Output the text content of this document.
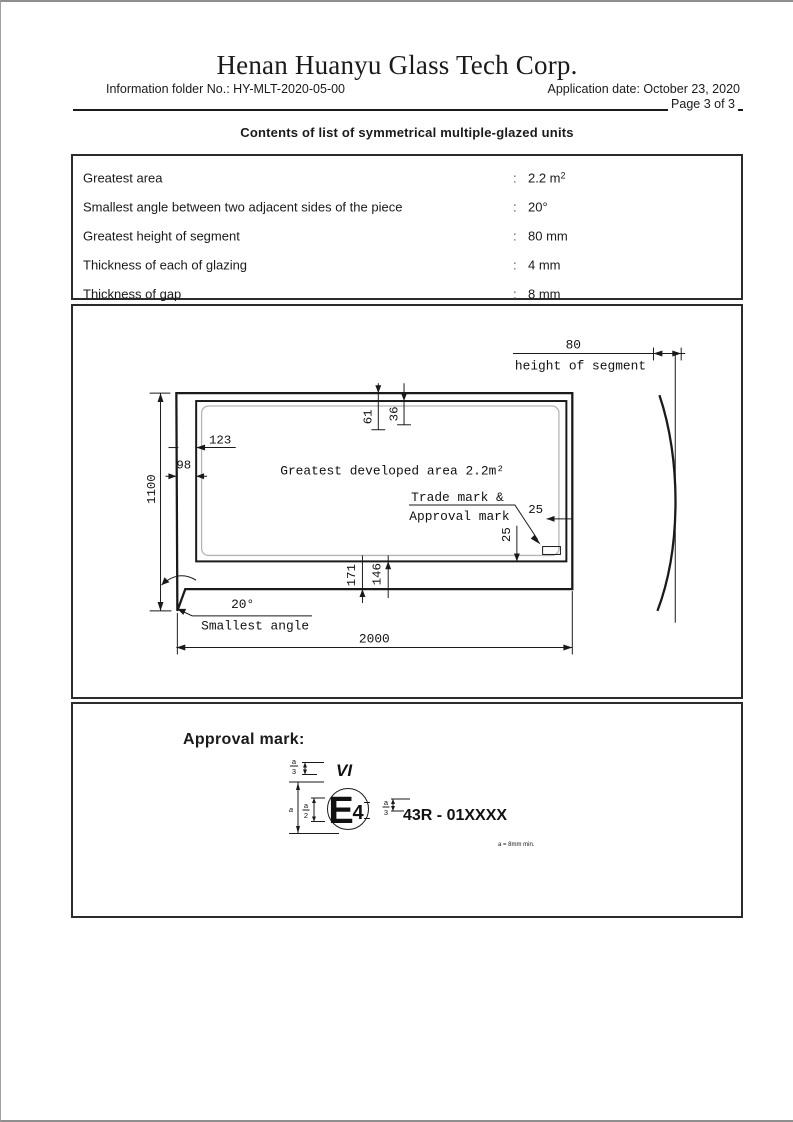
Henan Huanyu Glass Tech Corp.
Information folder No.: HY-MLT-2020-05-00	Application date: October 23, 2020
Page 3 of 3
Contents of list of symmetrical multiple-glazed units
Greatest area	: 2.2 $m^2$
Smallest angle between two adjacent sides of the piece	: 20°
Greatest height of segment	: 80 mm
Thickness of each of glazing	: 4 mm
Thickness of gap	: 8 mm
1100
2000
123
98
61 36
Greatest developed area 2.2m²
Trade mark &
Approval mark 25
25
171 146
20°
Smallest angle
80
height of segment
Approval mark:
a
3 VI
a a
2 E
4	a
3 43R - 01XXXX
a = 8mm min.
